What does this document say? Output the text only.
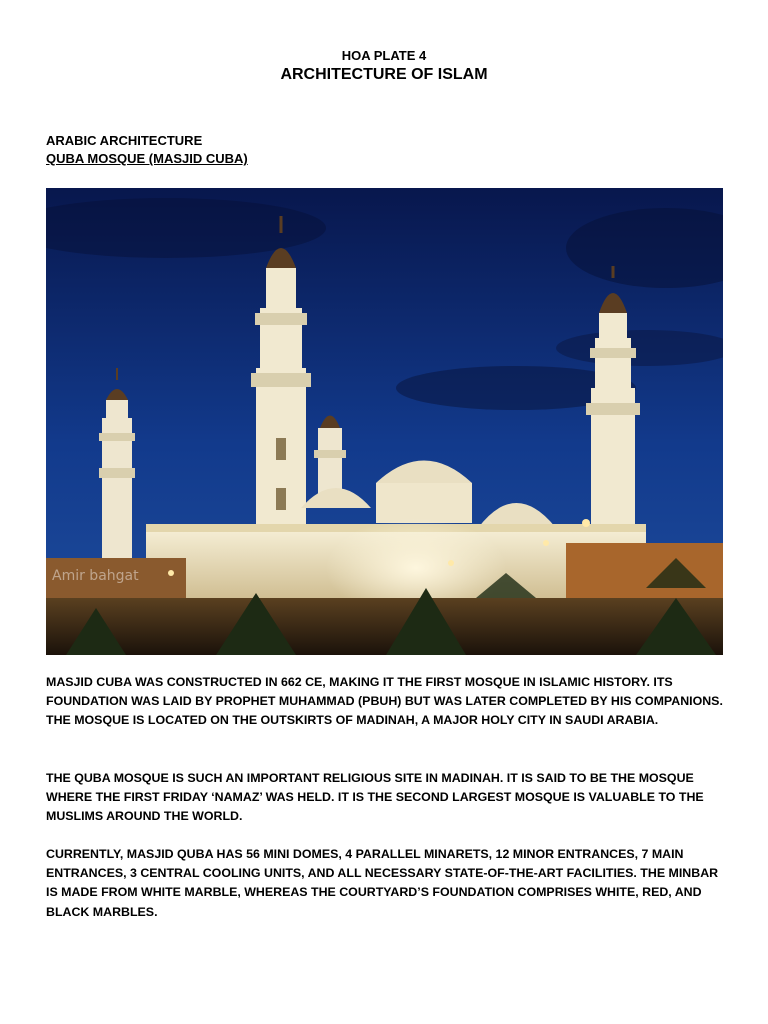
HOA PLATE 4
ARCHITECTURE OF ISLAM
ARABIC ARCHITECTURE
QUBA MOSQUE (MASJID CUBA)
Amir bahgat

MASJID CUBA WAS CONSTRUCTED IN 662 CE, MAKING IT THE FIRST MOSQUE IN ISLAMIC HISTORY. ITS FOUNDATION WAS LAID BY PROPHET MUHAMMAD (PBUH) BUT WAS LATER COMPLETED BY HIS COMPANIONS. THE MOSQUE IS LOCATED ON THE OUTSKIRTS OF MADINAH, A MAJOR HOLY CITY IN SAUDI ARABIA.

THE QUBA MOSQUE IS SUCH AN IMPORTANT RELIGIOUS SITE IN MADINAH. IT IS SAID TO BE THE MOSQUE WHERE THE FIRST FRIDAY ‘NAMAZ’ WAS HELD. IT IS THE SECOND LARGEST MOSQUE IS VALUABLE TO THE MUSLIMS AROUND THE WORLD.

CURRENTLY, MASJID QUBA HAS 56 MINI DOMES, 4 PARALLEL MINARETS, 12 MINOR ENTRANCES, 7 MAIN ENTRANCES, 3 CENTRAL COOLING UNITS, AND ALL NECESSARY STATE-OF-THE-ART FACILITIES. THE MINBAR IS MADE FROM WHITE MARBLE, WHEREAS THE COURTYARD’S FOUNDATION COMPRISES WHITE, RED, AND BLACK MARBLES.
